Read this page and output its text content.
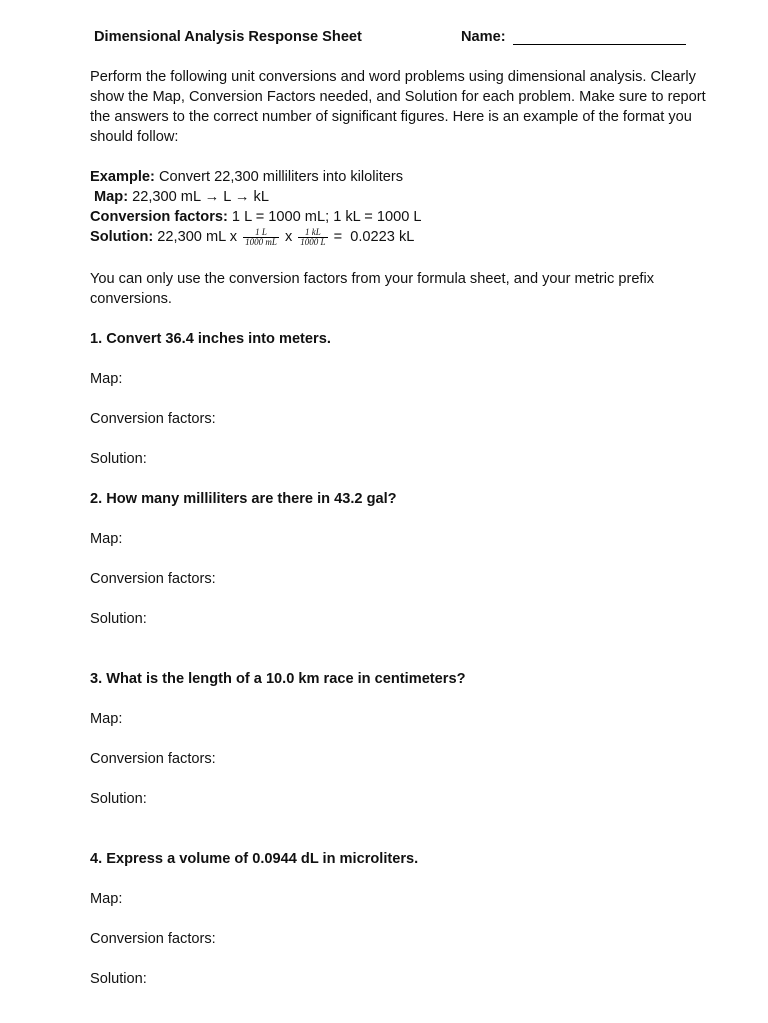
Dimensional Analysis Response Sheet	Name:
Perform the following unit conversions and word problems using dimensional analysis. Clearly
show the Map, Conversion Factors needed, and Solution for each problem. Make sure to report
the answers to the correct number of significant figures. Here is an example of the format you
should follow:
Example: Convert 22,300 milliliters into kiloliters
Map: 22,300 mL → L → kL
Conversion factors: 1 L = 1000 mL; 1 kL = 1000 L
Solution: 22,300 mL x $\frac{1 L}{1000 mL}$ x $\frac{1 kL}{1000 L} = 0.0223$ kL
You can only use the conversion factors from your formula sheet, and your metric prefix
conversions.
1. Convert 36.4 inches into meters.
Map:
Conversion factors:
Solution:
2. How many milliliters are there in 43.2 gal?
Map:
Conversion factors:
Solution:
3. What is the length of a 10.0 km race in centimeters?
Map:
Conversion factors:
Solution:
4. Express a volume of 0.0944 dL in microliters.
Map:
Conversion factors:
Solution:
